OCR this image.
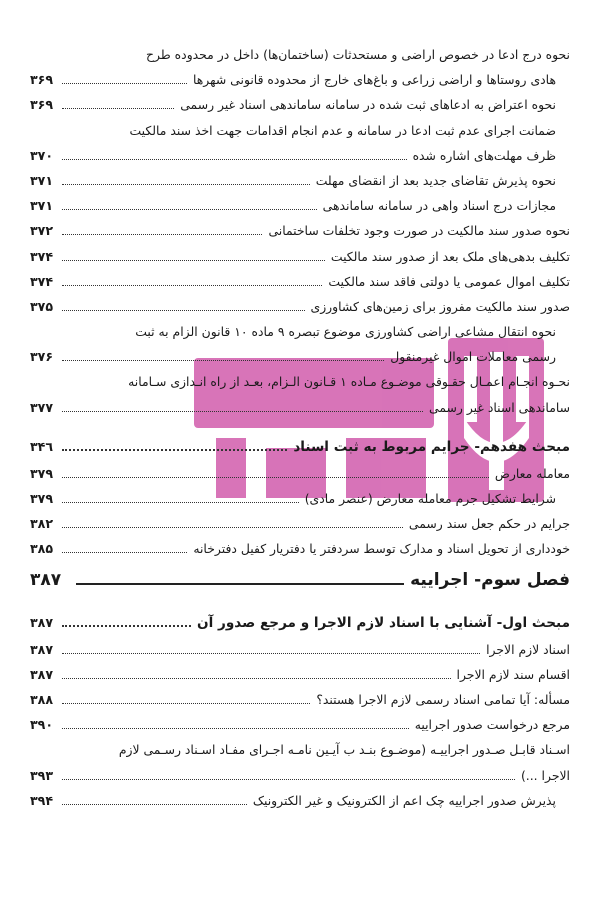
نحوه درج ادعا در خصوص اراضی و مستحدثات (ساختمان‌ها) داخل در محدوده طرح
هادی روستاها و اراضی زراعی و باغ‌های خارج از محدوده قانونی شهرها
۳۶۹
نحوه اعتراض به ادعاهای ثبت شده در سامانه ساماندهی اسناد غیر رسمی
۳۶۹
ضمانت اجرای عدم ثبت ادعا در سامانه و عدم انجام اقدامات جهت اخذ سند مالکیت
ظرف مهلت‌های اشاره شده
۳۷۰
نحوه پذیرش تقاضای جدید بعد از انقضای مهلت
۳۷۱
مجازات درج اسناد واهی در سامانه ساماندهی
۳۷۱
نحوه صدور سند مالکیت در صورت وجود تخلفات ساختمانی
۳۷۲
تکلیف بدهی‌های ملک بعد از صدور سند مالکیت
۳۷۴
تکلیف اموال عمومی یا دولتی فاقد سند مالکیت
۳۷۴
صدور سند مالکیت مفروز برای زمین‌های کشاورزی
۳۷۵
نحوه انتقال مشاعی اراضی کشاورزی موضوع تبصره ۹ ماده ۱۰ قانون الزام به ثبت
رسمی معاملات اموال غیرمنقول
۳۷۶
نحـوه انجـام اعمـال حقـوقی موضـوع مـاده ۱ قـانون الـزام، بعـد از راه انـدازی سـامانه
ساماندهی اسناد غیر رسمی
۳۷۷
مبحث هفدهم- جرایم مربوط به ثبت اسناد
۳۴٦
معامله معارض
۳۷۹
شرایط تشکیل جرم معامله معارض (عنصر مادی)
۳۷۹
جرایم در حکم جعل سند رسمی
۳۸۲
خودداری از تحویل اسناد و مدارک توسط سردفتر یا دفتریار کفیل دفترخانه
۳۸۵
فصل سوم- اجراییه
۳۸۷
مبحث اول- آشنایی با اسناد لازم الاجرا و مرجع صدور آن
۳۸۷
اسناد لازم الاجرا
۳۸۷
اقسام سند لازم الاجرا
۳۸۷
مسأله: آیا تمامی اسناد رسمی لازم الاجرا هستند؟
۳۸۸
مرجع درخواست صدور اجراییه
۳۹۰
اسـناد قابـل صـدور اجراییـه (موضـوع بنـد ب آیـین نامـه اجـرای مفـاد اسـناد رسـمی لازم
الاجرا ...)
۳۹۳
پذیرش صدور اجراییه چک اعم از الکترونیک و غیر الکترونیک
۳۹۴
